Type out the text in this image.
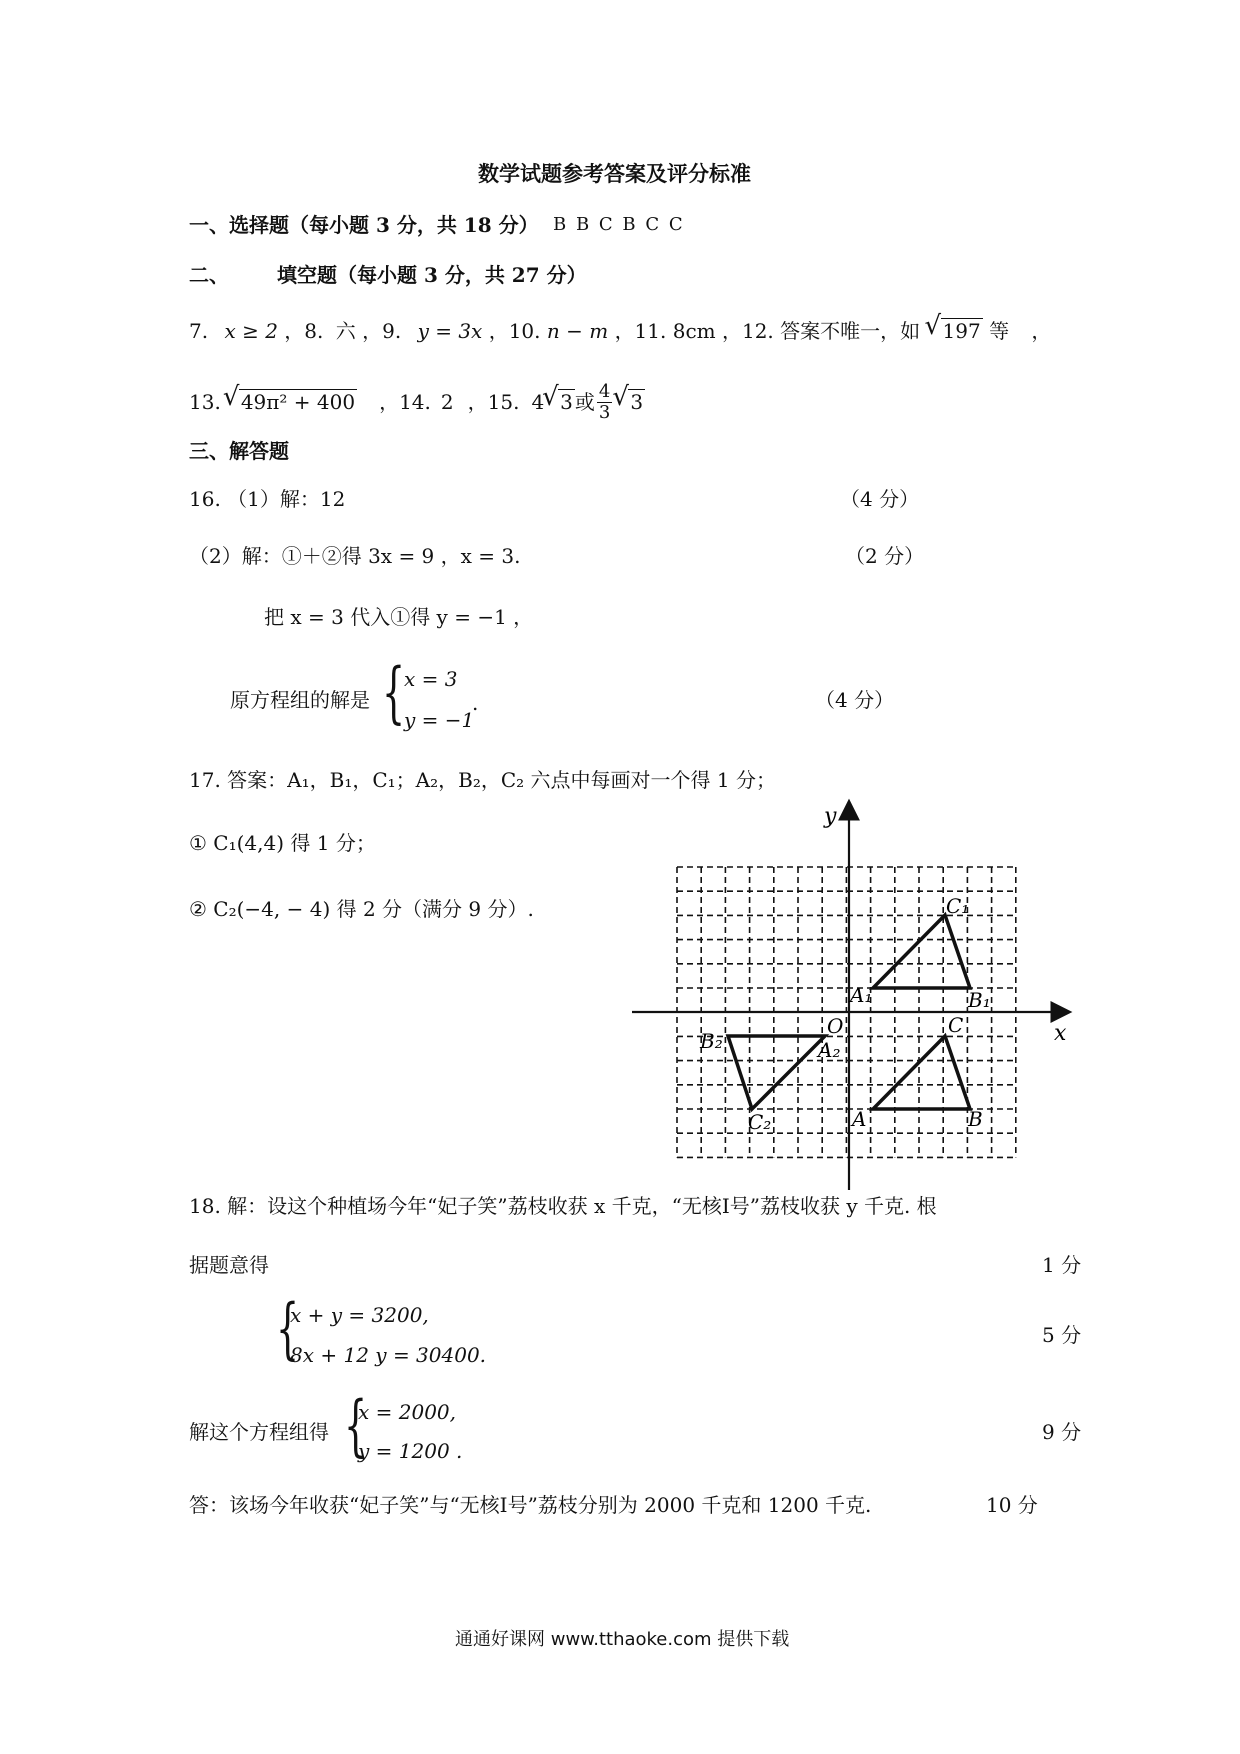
数学试题参考答案及评分标准
一、选择题（每小题 3 分，共 18 分） B B C B C C
二、 填空题（每小题 3 分，共 27 分）
7. x ≥ 2 ，8. 六 ，9. y = 3x ，10. n − m ，11. 8cm ，12. 答案不唯一，如 √ 197 等 ，
13.	√ 49π² + 400 ，14. 2 ，15. 4 √ 3 或 $\frac{4}{3}$ √ 3
三、解答题
16. （1）解：12	（4 分）
（2）解：①＋②得 3x = 9 ，x = 3.	（2 分）
把 x = 3 代入①得 y = −1 ，
原方程组的解是 {
x = 3
y = −1
.	（4 分）
17. 答案：A₁，B₁，C₁；A₂，B₂，C₂ 六点中每画对一个得 1 分；
① C₁(4,4) 得 1 分；
② C₂(−4, − 4) 得 2 分（满分 9 分）.
x
y
O
A₁	B₁
C₁
A	B
C
A₂
B₂
C₂
18. 解：设这个种植场今年“妃子笑”荔枝收获 x 千克，“无核Ⅰ号”荔枝收获 y 千克. 根
据题意得	1 分
{
x + y = 3200,
8x + 12 y = 30400.
5 分
解这个方程组得 {
x = 2000,
y = 1200 .
9 分
答：该场今年收获“妃子笑”与“无核Ⅰ号”荔枝分别为 2000 千克和 1200 千克.	10 分
通通好课网 www.tthaoke.com 提供下载
